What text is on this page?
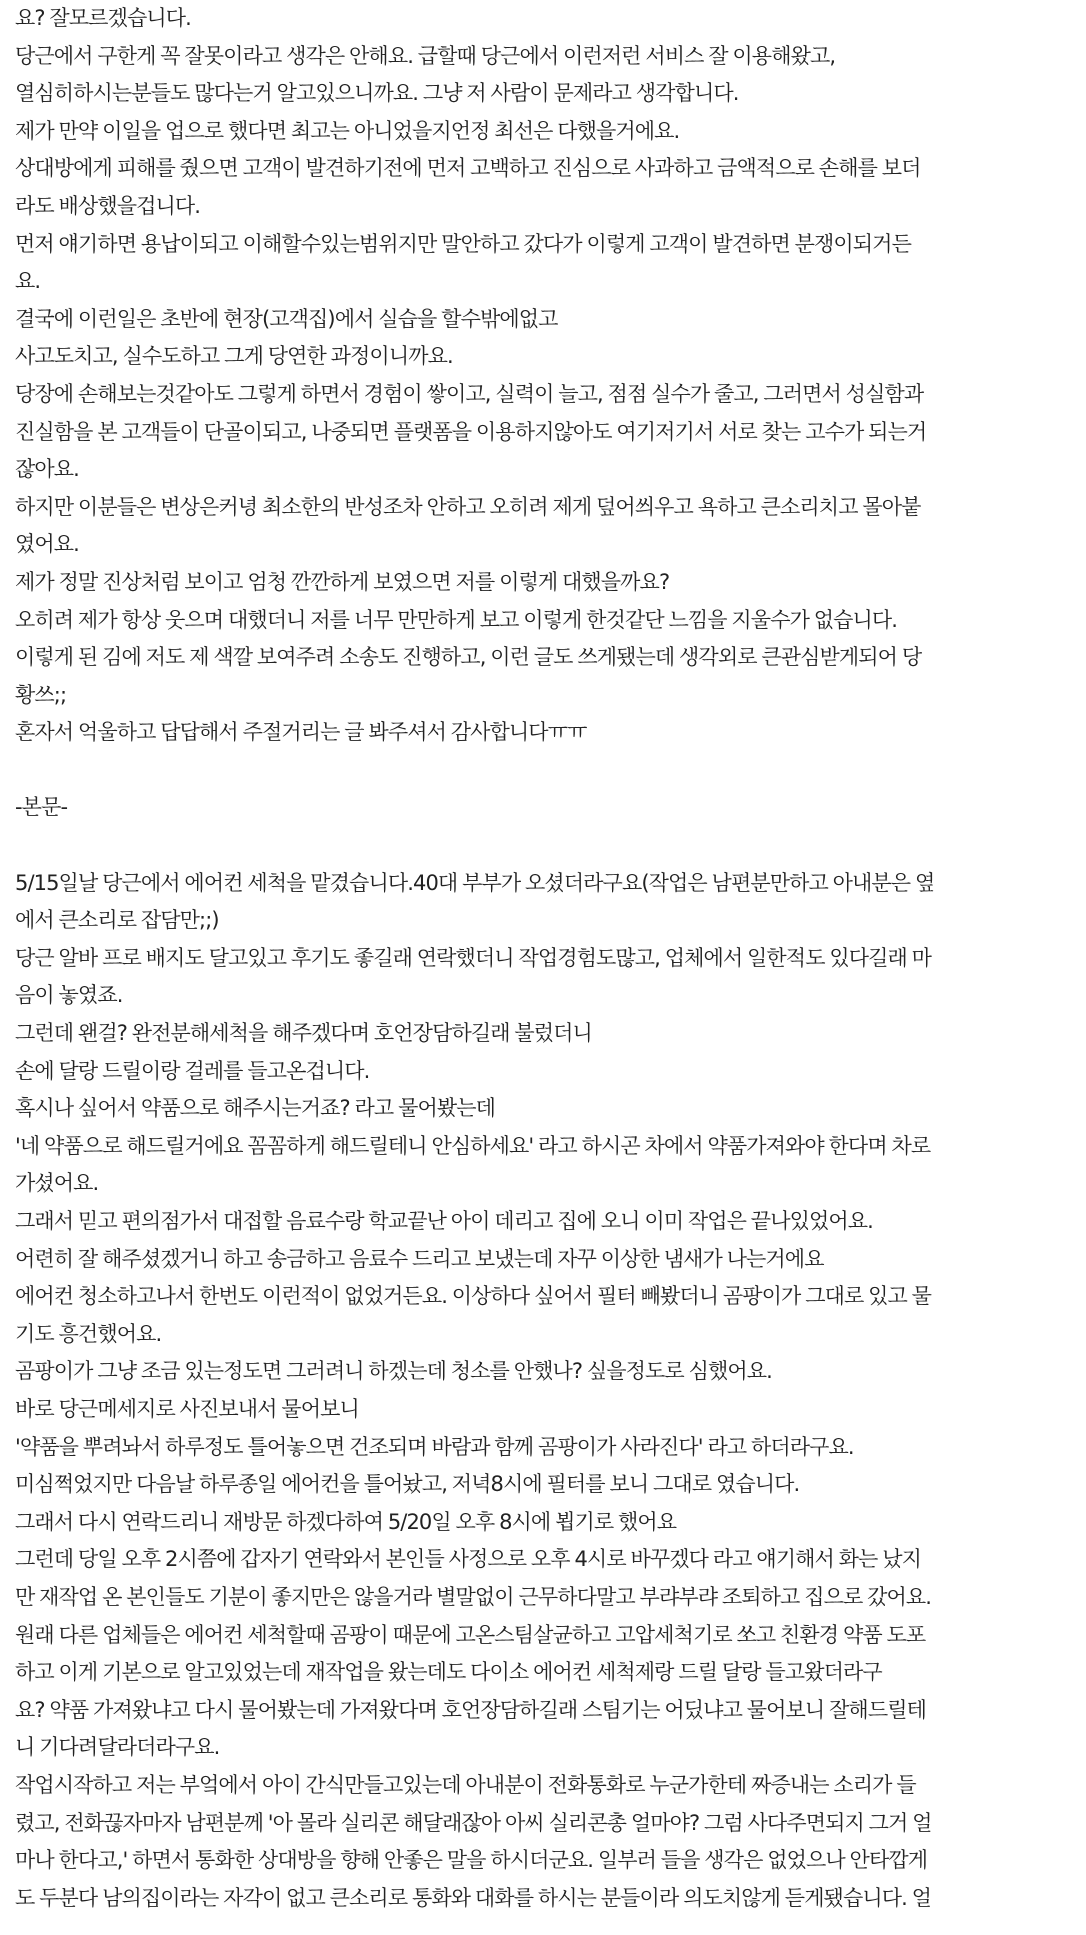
요? 잘모르겠습니다.
당근에서 구한게 꼭 잘못이라고 생각은 안해요. 급할때 당근에서 이런저런 서비스 잘 이용해왔고,
열심히하시는분들도 많다는거 알고있으니까요. 그냥 저 사람이 문제라고 생각합니다.
제가 만약 이일을 업으로 했다면 최고는 아니었을지언정 최선은 다했을거에요.
상대방에게 피해를 줬으면 고객이 발견하기전에 먼저 고백하고 진심으로 사과하고 금액적으로 손해를 보더
라도 배상했을겁니다.
먼저 얘기하면 용납이되고 이해할수있는범위지만 말안하고 갔다가 이렇게 고객이 발견하면 분쟁이되거든
요.
결국에 이런일은 초반에 현장(고객집)에서 실습을 할수밖에없고
사고도치고, 실수도하고 그게 당연한 과정이니까요.
당장에 손해보는것같아도 그렇게 하면서 경험이 쌓이고, 실력이 늘고, 점점 실수가 줄고, 그러면서 성실함과
진실함을 본 고객들이 단골이되고, 나중되면 플랫폼을 이용하지않아도 여기저기서 서로 찾는 고수가 되는거
잖아요.
하지만 이분들은 변상은커녕 최소한의 반성조차 안하고 오히려 제게 덮어씌우고 욕하고 큰소리치고 몰아붙
였어요.
제가 정말 진상처럼 보이고 엄청 깐깐하게 보였으면 저를 이렇게 대했을까요?
오히려 제가 항상 웃으며 대했더니 저를 너무 만만하게 보고 이렇게 한것같단 느낌을 지울수가 없습니다.
이렇게 된 김에 저도 제 색깔 보여주려 소송도 진행하고, 이런 글도 쓰게됐는데 생각외로 큰관심받게되어 당
황쓰;;
혼자서 억울하고 답답해서 주절거리는 글 봐주셔서 감사합니다ㅠㅠ
-본문-
5/15일날 당근에서 에어컨 세척을 맡겼습니다.40대 부부가 오셨더라구요(작업은 남편분만하고 아내분은 옆
에서 큰소리로 잡담만;;)
당근 알바 프로 배지도 달고있고 후기도 좋길래 연락했더니 작업경험도많고, 업체에서 일한적도 있다길래 마
음이 놓였죠.
그런데 왠걸? 완전분해세척을 해주겠다며 호언장담하길래 불렀더니
손에 달랑 드릴이랑 걸레를 들고온겁니다.
혹시나 싶어서 약품으로 해주시는거죠? 라고 물어봤는데
'네 약품으로 해드릴거에요 꼼꼼하게 해드릴테니 안심하세요' 라고 하시곤 차에서 약품가져와야 한다며 차로
가셨어요.
그래서 믿고 편의점가서 대접할 음료수랑 학교끝난 아이 데리고 집에 오니 이미 작업은 끝나있었어요.
어련히 잘 해주셨겠거니 하고 송금하고 음료수 드리고 보냈는데 자꾸 이상한 냄새가 나는거에요
에어컨 청소하고나서 한번도 이런적이 없었거든요. 이상하다 싶어서 필터 빼봤더니 곰팡이가 그대로 있고 물
기도 흥건했어요.
곰팡이가 그냥 조금 있는정도면 그러려니 하겠는데 청소를 안했나? 싶을정도로 심했어요.
바로 당근메세지로 사진보내서 물어보니
'약품을 뿌려놔서 하루정도 틀어놓으면 건조되며 바람과 함께 곰팡이가 사라진다' 라고 하더라구요.
미심쩍었지만 다음날 하루종일 에어컨을 틀어놨고, 저녁8시에 필터를 보니 그대로 였습니다.
그래서 다시 연락드리니 재방문 하겠다하여 5/20일 오후 8시에 뵙기로 했어요
그런데 당일 오후 2시쯤에 갑자기 연락와서 본인들 사정으로 오후 4시로 바꾸겠다 라고 얘기해서 화는 났지
만 재작업 온 본인들도 기분이 좋지만은 않을거라 별말없이 근무하다말고 부랴부랴 조퇴하고 집으로 갔어요.
원래 다른 업체들은 에어컨 세척할때 곰팡이 때문에 고온스팀살균하고 고압세척기로 쏘고 친환경 약품 도포
하고 이게 기본으로 알고있었는데 재작업을 왔는데도 다이소 에어컨 세척제랑 드릴 달랑 들고왔더라구
요? 약품 가져왔냐고 다시 물어봤는데 가져왔다며 호언장담하길래 스팀기는 어딨냐고 물어보니 잘해드릴테
니 기다려달라더라구요.
작업시작하고 저는 부엌에서 아이 간식만들고있는데 아내분이 전화통화로 누군가한테 짜증내는 소리가 들
렸고, 전화끊자마자 남편분께 '아 몰라 실리콘 해달래잖아 아씨 실리콘총 얼마야? 그럼 사다주면되지 그거 얼
마나 한다고,' 하면서 통화한 상대방을 향해 안좋은 말을 하시더군요. 일부러 들을 생각은 없었으나 안타깝게
도 두분다 남의집이라는 자각이 없고 큰소리로 통화와 대화를 하시는 분들이라 의도치않게 듣게됐습니다. 얼
